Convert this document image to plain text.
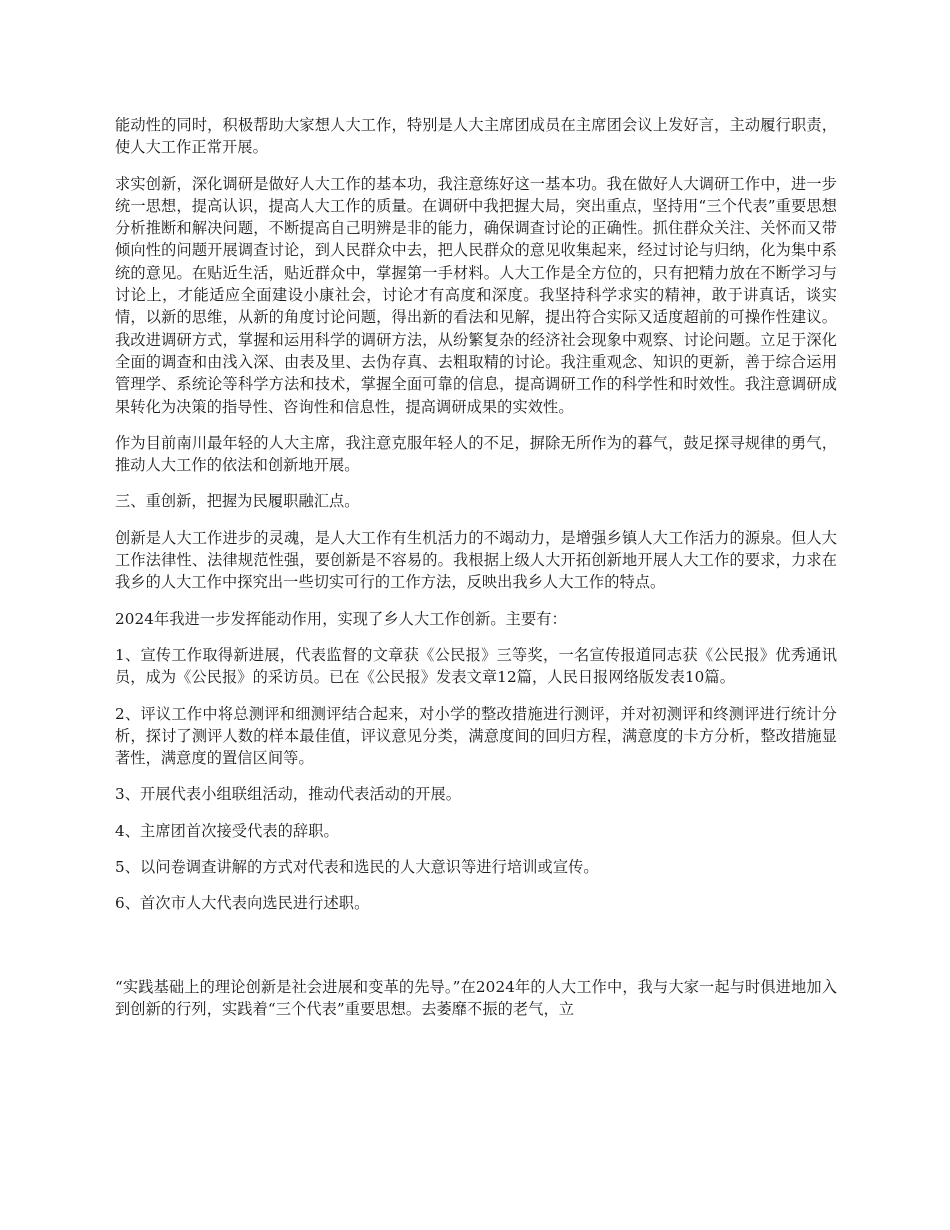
能动性的同时，积极帮助大家想人大工作，特别是人大主席团成员在主席团会议上发好言，主动履行职责，使人大工作正常开展。

求实创新，深化调研是做好人大工作的基本功，我注意练好这一基本功。我在做好人大调研工作中，进一步统一思想，提高认识，提高人大工作的质量。在调研中我把握大局，突出重点，坚持用“三个代表”重要思想分析推断和解决问题，不断提高自己明辨是非的能力，确保调查讨论的正确性。抓住群众关注、关怀而又带倾向性的问题开展调查讨论，到人民群众中去，把人民群众的意见收集起来，经过讨论与归纳，化为集中系统的意见。在贴近生活，贴近群众中，掌握第一手材料。人大工作是全方位的，只有把精力放在不断学习与讨论上，才能适应全面建设小康社会，讨论才有高度和深度。我坚持科学求实的精神，敢于讲真话，谈实情，以新的思维，从新的角度讨论问题，得出新的看法和见解，提出符合实际又适度超前的可操作性建议。我改进调研方式，掌握和运用科学的调研方法，从纷繁复杂的经济社会现象中观察、讨论问题。立足于深化全面的调查和由浅入深、由表及里、去伪存真、去粗取精的讨论。我注重观念、知识的更新，善于综合运用管理学、系统论等科学方法和技术，掌握全面可靠的信息，提高调研工作的科学性和时效性。我注意调研成果转化为决策的指导性、咨询性和信息性，提高调研成果的实效性。

作为目前南川最年轻的人大主席，我注意克服年轻人的不足，摒除无所作为的暮气，鼓足探寻规律的勇气，推动人大工作的依法和创新地开展。

三、重创新，把握为民履职融汇点。

创新是人大工作进步的灵魂，是人大工作有生机活力的不竭动力，是增强乡镇人大工作活力的源泉。但人大工作法律性、法律规范性强，要创新是不容易的。我根据上级人大开拓创新地开展人大工作的要求，力求在我乡的人大工作中探究出一些切实可行的工作方法，反映出我乡人大工作的特点。

2024年我进一步发挥能动作用，实现了乡人大工作创新。主要有：

1、宣传工作取得新进展，代表监督的文章获《公民报》三等奖，一名宣传报道同志获《公民报》优秀通讯员，成为《公民报》的采访员。已在《公民报》发表文章12篇，人民日报网络版发表10篇。

2、评议工作中将总测评和细测评结合起来，对小学的整改措施进行测评，并对初测评和终测评进行统计分析，探讨了测评人数的样本最佳值，评议意见分类，满意度间的回归方程，满意度的卡方分析，整改措施显著性，满意度的置信区间等。

3、开展代表小组联组活动，推动代表活动的开展。

4、主席团首次接受代表的辞职。

5、以问卷调查讲解的方式对代表和选民的人大意识等进行培训或宣传。

6、首次市人大代表向选民进行述职。

“实践基础上的理论创新是社会进展和变革的先导。”在2024年的人大工作中，我与大家一起与时俱进地加入到创新的行列，实践着“三个代表”重要思想。去萎靡不振的老气，立
